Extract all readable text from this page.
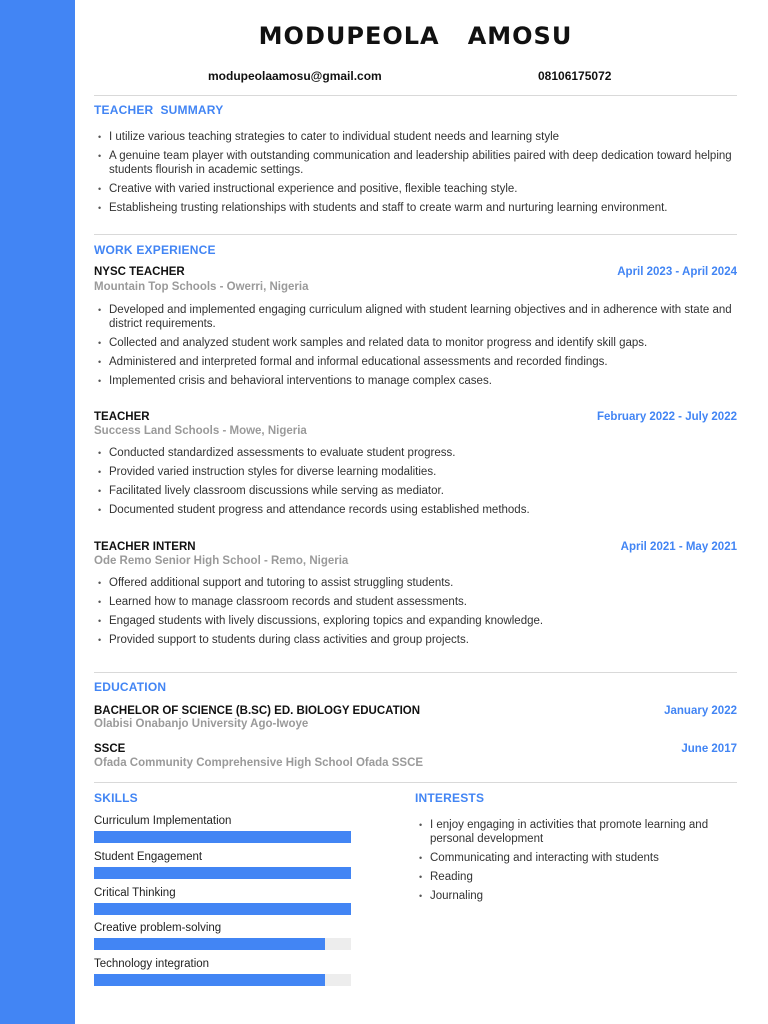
MODUPEOLA   AMOSU
modupeolaamosu@gmail.com	08106175072
TEACHER  SUMMARY
• I utilize various teaching strategies to cater to individual student needs and learning style
• A genuine team player with outstanding communication and leadership abilities paired with deep dedication toward helping students flourish in academic settings.
• Creative with varied instructional experience and positive, flexible teaching style.
• Establisheing trusting relationships with students and staff to create warm and nurturing learning environment.
WORK EXPERIENCE
NYSC TEACHER	April 2023 - April 2024
Mountain Top Schools - Owerri, Nigeria
• Developed and implemented engaging curriculum aligned with student learning objectives and in adherence with state and district requirements.
• Collected and analyzed student work samples and related data to monitor progress and identify skill gaps.
• Administered and interpreted formal and informal educational assessments and recorded findings.
• Implemented crisis and behavioral interventions to manage complex cases.
TEACHER	February 2022 - July 2022
Success Land Schools - Mowe, Nigeria
• Conducted standardized assessments to evaluate student progress.
• Provided varied instruction styles for diverse learning modalities.
• Facilitated lively classroom discussions while serving as mediator.
• Documented student progress and attendance records using established methods.
TEACHER INTERN	April 2021 - May 2021
Ode Remo Senior High School - Remo, Nigeria
• Offered additional support and tutoring to assist struggling students.
• Learned how to manage classroom records and student assessments.
• Engaged students with lively discussions, exploring topics and expanding knowledge.
• Provided support to students during class activities and group projects.
EDUCATION
BACHELOR OF SCIENCE (B.SC) ED. BIOLOGY EDUCATION	January 2022
Olabisi Onabanjo University Ago-Iwoye
SSCE	June 2017
Ofada Community Comprehensive High School Ofada SSCE
SKILLS
Curriculum Implementation
Student Engagement
Critical Thinking
Creative problem-solving
Technology integration
INTERESTS
• I enjoy engaging in activities that promote learning and personal development
• Communicating and interacting with students
• Reading
• Journaling
